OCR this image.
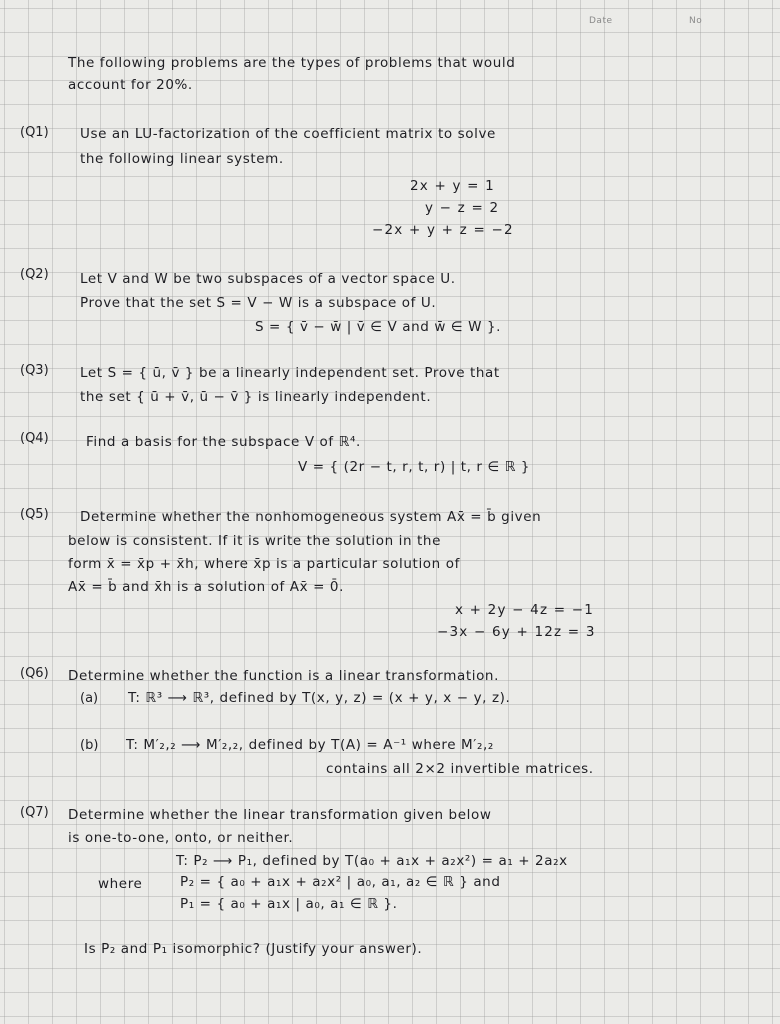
Date	No
The following problems are the types of problems that would
account for 20%.
(Q1) Use an LU-factorization of the coefficient matrix to solve
the following linear system.
2x + y = 1
y − z = 2
−2x + y + z = −2
(Q2) Let V and W be two subspaces of a vector space U.
Prove that the set S = V − W is a subspace of U.
S = { v̄ − w̄ | v̄ ∈ V and w̄ ∈ W }.
(Q3) Let S = { ū, v̄ } be a linearly independent set. Prove that
the set { ū + v̄, ū − v̄ } is linearly independent.
(Q4)	Find a basis for the subspace V of ℝ⁴.
V = { (2r − t, r, t, r) | t, r ∈ ℝ }
(Q5) Determine whether the nonhomogeneous system Ax̄ = b̄ given
below is consistent. If it is write the solution in the
form x̄ = x̄p + x̄h, where x̄p is a particular solution of
Ax̄ = b̄ and x̄h is a solution of Ax̄ = 0̄.
x + 2y − 4z = −1
−3x − 6y + 12z = 3
(Q6) Determine whether the function is a linear transformation.
(a) T: ℝ³ ⟶ ℝ³, defined by T(x, y, z) = (x + y, x − y, z).
(b) T: M′₂,₂ ⟶ M′₂,₂, defined by T(A) = A⁻¹ where M′₂,₂
contains all 2×2 invertible matrices.
(Q7) Determine whether the linear transformation given below
is one-to-one, onto, or neither.
T: P₂ ⟶ P₁, defined by T(a₀ + a₁x + a₂x²) = a₁ + 2a₂x
where	P₂ = { a₀ + a₁x + a₂x² | a₀, a₁, a₂ ∈ ℝ } and
P₁ = { a₀ + a₁x | a₀, a₁ ∈ ℝ }.
Is P₂ and P₁ isomorphic? (Justify your answer).
